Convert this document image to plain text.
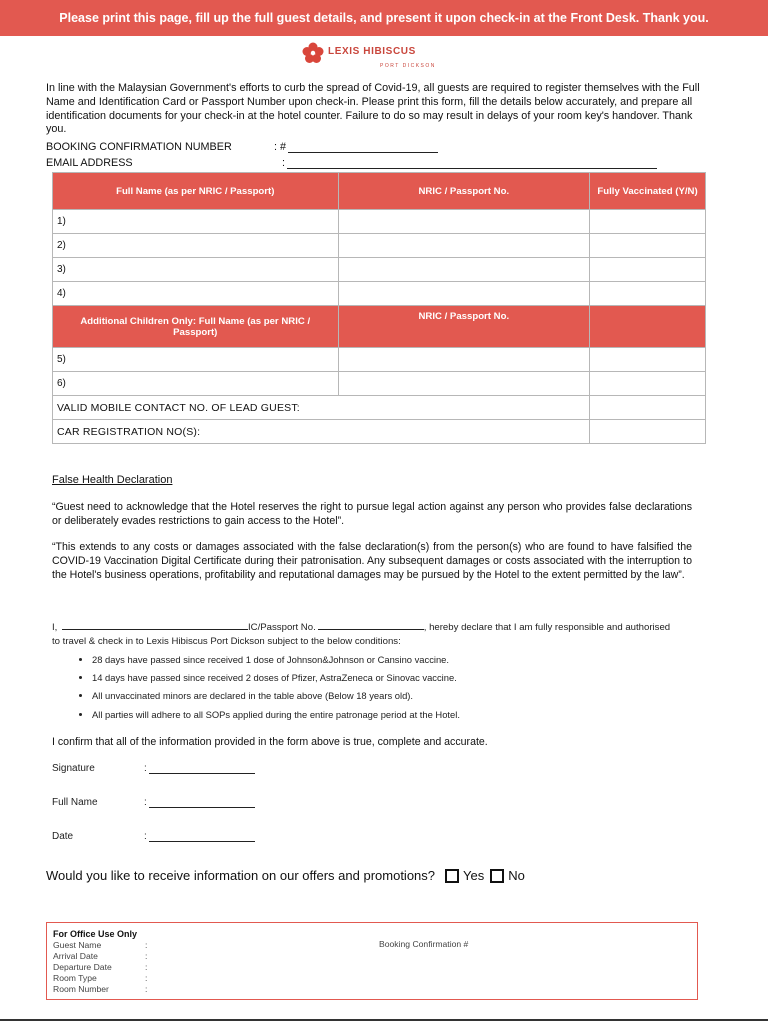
Please print this page, fill up the full guest details, and present it upon check-in at the Front Desk. Thank you.
LEXIS HIBISCUS
PORT DICKSON

In line with the Malaysian Government's efforts to curb the spread of Covid-19, all guests are required to register themselves with the Full Name and Identification Card or Passport Number upon check-in. Please print this form, fill the details below accurately, and prepare all identification documents for your check-in at the hotel counter. Failure to do so may result in delays of your room key's handover. Thank you.

BOOKING CONFIRMATION NUMBER	: #
EMAIL ADDRESS	:
Full Name (as per NRIC / Passport)	NRIC / Passport No.	Fully Vaccinated (Y/N)
1)		
2)		
3)		
4)		
Additional Children Only: Full Name (as per NRIC / Passport)	NRIC / Passport No.	
5)		
6)		
VALID MOBILE CONTACT NO. OF LEAD GUEST:		
CAR REGISTRATION NO(S):		
False Health Declaration

“Guest need to acknowledge that the Hotel reserves the right to pursue legal action against any person who provides false declarations or deliberately evades restrictions to gain access to the Hotel”.

“This extends to any costs or damages associated with the false declaration(s) from the person(s) who are found to have falsified the COVID-19 Vaccination Digital Certificate during their patronisation. Any subsequent damages or costs associated with the interruption to the Hotel's business operations, profitability and reputational damages may be pursued by the Hotel to the extent permitted by the law”.

I,	IC/Passport No.	, hereby declare that I am fully responsible and authorised to travel & check in to Lexis Hibiscus Port Dickson subject to the below conditions:

• 28 days have passed since received 1 dose of Johnson&Johnson or Cansino vaccine.
• 14 days have passed since received 2 doses of Pfizer, AstraZeneca or Sinovac vaccine.
• All unvaccinated minors are declared in the table above (Below 18 years old).
• All parties will adhere to all SOPs applied during the entire patronage period at the Hotel.
I confirm that all of the information provided in the form above is true, complete and accurate.
Signature	:
Full Name	:
Date	:
Would you like to receive information on our offers and promotions? Yes No
For Office Use Only
Guest Name	:
Arrival Date	:
Departure Date	:
Room Type	:
Room Number	:
Booking Confirmation #
